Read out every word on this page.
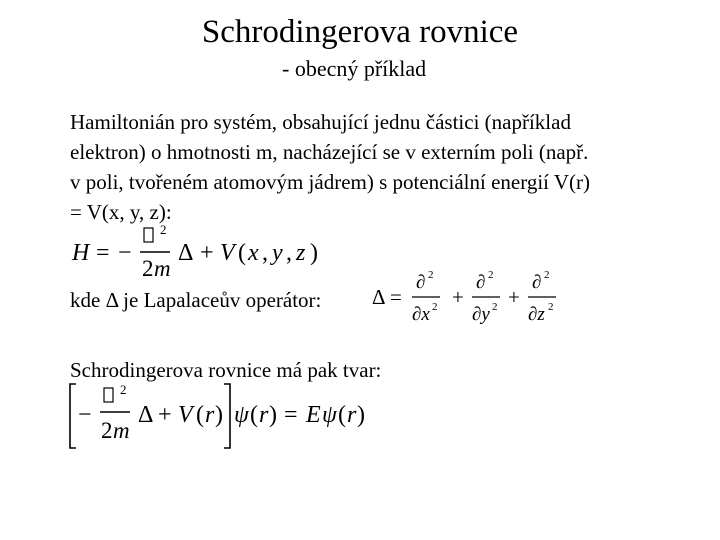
Schrodingerova rovnice
- obecný příklad

Hamiltonián pro systém, obsahující jednu částici (například
elektron) o hmotnosti m, nacházející se v externím poli (např.
v poli, tvořeném atomovým jádrem) s potenciální energií V(r)
= V(x, y, z):

H = −
2
2 m
Δ + V ( x , y , z )
kde Δ je Lapalaceův operátor: Δ =
∂ 2
∂x 2 +
∂ 2
∂y 2 +
∂ 2
∂z 2
Schrodingerova rovnice má pak tvar:
−
2
2 m
Δ + V ( r ) ψ ( r ) = E ψ ( r )
